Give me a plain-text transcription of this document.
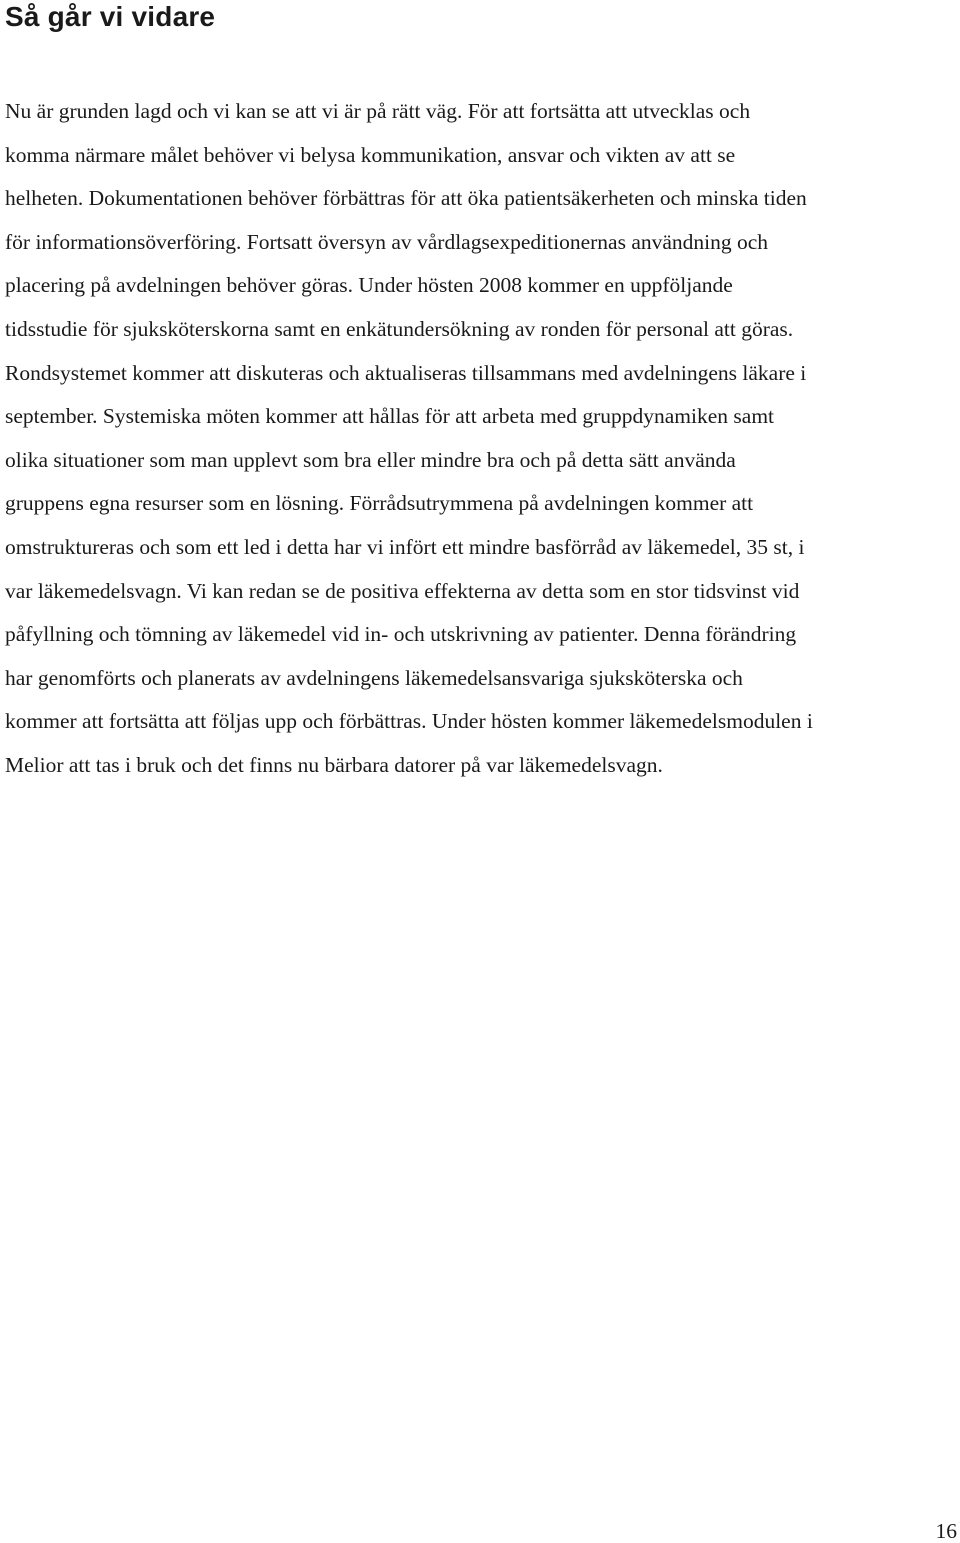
Så går vi vidare

Nu är grunden lagd och vi kan se att vi är på rätt väg. För att fortsätta att utvecklas och
komma närmare målet behöver vi belysa kommunikation, ansvar och vikten av att se
helheten. Dokumentationen behöver förbättras för att öka patientsäkerheten och minska tiden
för informationsöverföring. Fortsatt översyn av vårdlagsexpeditionernas användning och
placering på avdelningen behöver göras. Under hösten 2008 kommer en uppföljande
tidsstudie för sjuksköterskorna samt en enkätundersökning av ronden för personal att göras.
Rondsystemet kommer att diskuteras och aktualiseras tillsammans med avdelningens läkare i
september. Systemiska möten kommer att hållas för att arbeta med gruppdynamiken samt
olika situationer som man upplevt som bra eller mindre bra och på detta sätt använda
gruppens egna resurser som en lösning. Förrådsutrymmena på avdelningen kommer att
omstruktureras och som ett led i detta har vi infört ett mindre basförråd av läkemedel, 35 st, i
var läkemedelsvagn. Vi kan redan se de positiva effekterna av detta som en stor tidsvinst vid
påfyllning och tömning av läkemedel vid in- och utskrivning av patienter. Denna förändring
har genomförts och planerats av avdelningens läkemedelsansvariga sjuksköterska och
kommer att fortsätta att följas upp och förbättras. Under hösten kommer läkemedelsmodulen i
Melior att tas i bruk och det finns nu bärbara datorer på var läkemedelsvagn.

16
